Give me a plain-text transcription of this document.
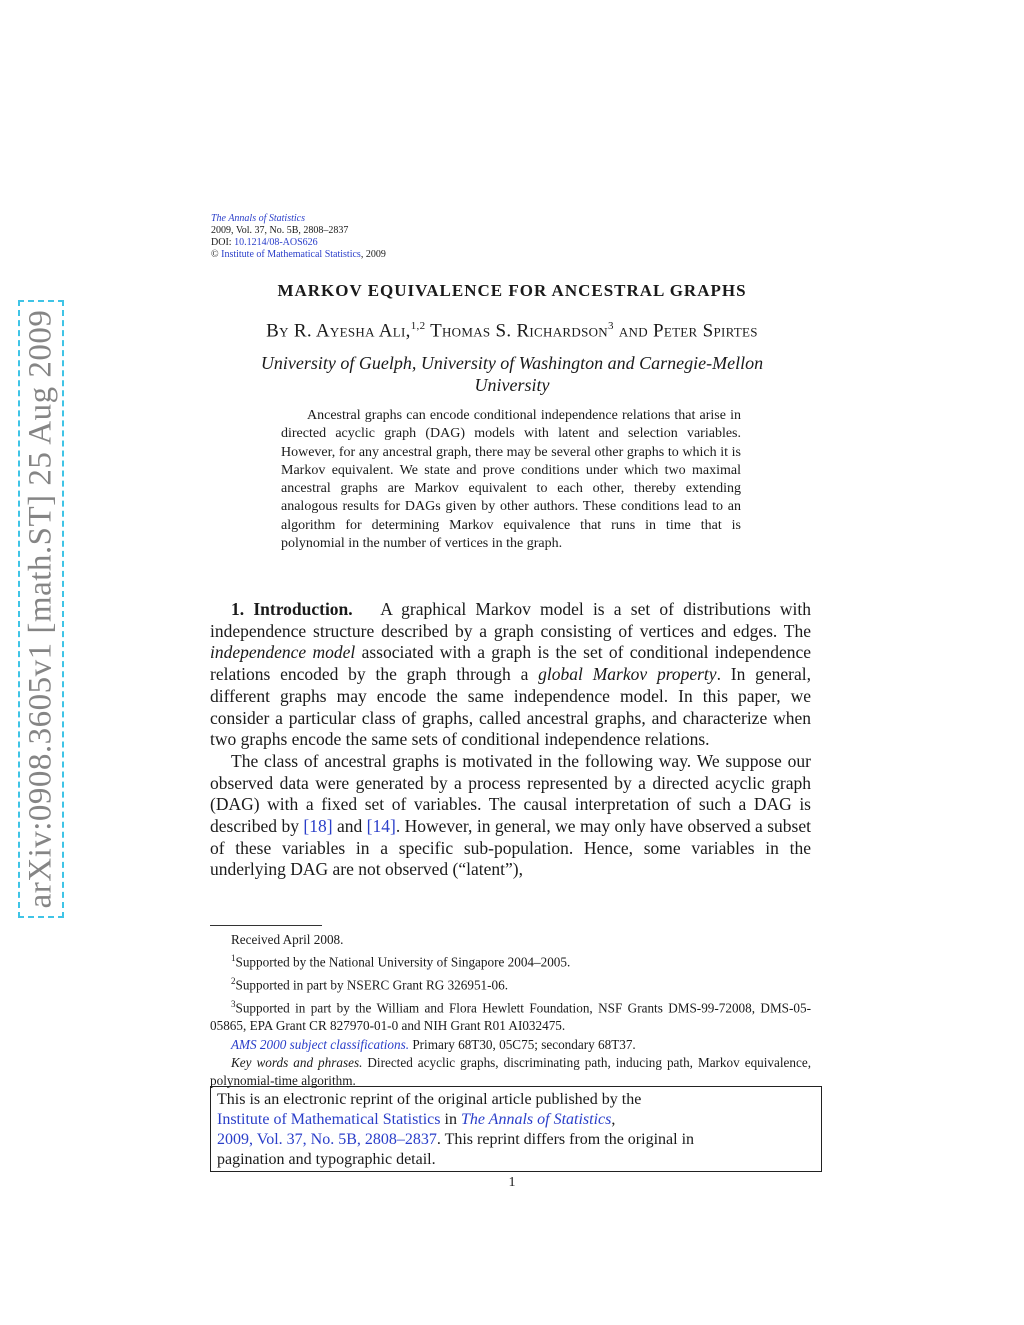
arXiv:0908.3605v1 [math.ST] 25 Aug 2009
The Annals of Statistics
2009, Vol. 37, No. 5B, 2808–2837
DOI: 10.1214/08-AOS626
© Institute of Mathematical Statistics, 2009
MARKOV EQUIVALENCE FOR ANCESTRAL GRAPHS
By R. Ayesha Ali,$^{1,2}$ Thomas S. Richardson$^3$ and Peter Spirtes
University of Guelph, University of Washington and Carnegie-Mellon University
Ancestral graphs can encode conditional independence relations that arise in directed acyclic graph (DAG) models with latent and selection variables. However, for any ancestral graph, there may be several other graphs to which it is Markov equivalent. We state and prove conditions under which two maximal ancestral graphs are Markov equivalent to each other, thereby extending analogous results for DAGs given by other authors. These conditions lead to an algorithm for determining Markov equivalence that runs in time that is polynomial in the number of vertices in the graph.

1. Introduction. A graphical Markov model is a set of distributions with independence structure described by a graph consisting of vertices and edges. The independence model associated with a graph is the set of conditional independence relations encoded by the graph through a global Markov property. In general, different graphs may encode the same independence model. In this paper, we consider a particular class of graphs, called ancestral graphs, and characterize when two graphs encode the same sets of conditional independence relations.

The class of ancestral graphs is motivated in the following way. We suppose our observed data were generated by a process represented by a directed acyclic graph (DAG) with a fixed set of variables. The causal interpretation of such a DAG is described by [18] and [14]. However, in general, we may only have observed a subset of these variables in a specific sub-population. Hence, some variables in the underlying DAG are not observed (“latent”),

Received April 2008.

$^1$Supported by the National University of Singapore 2004–2005.

$^2$Supported in part by NSERC Grant RG 326951-06.

$^3$Supported in part by the William and Flora Hewlett Foundation, NSF Grants DMS-99-72008, DMS-05-05865, EPA Grant CR 827970-01-0 and NIH Grant R01 AI032475.

AMS 2000 subject classifications. Primary 68T30, 05C75; secondary 68T37.

Key words and phrases. Directed acyclic graphs, discriminating path, inducing path, Markov equivalence, polynomial-time algorithm.

This is an electronic reprint of the original article published by the
Institute of Mathematical Statistics in The Annals of Statistics,
2009, Vol. 37, No. 5B, 2808–2837. This reprint differs from the original in
pagination and typographic detail.
1
